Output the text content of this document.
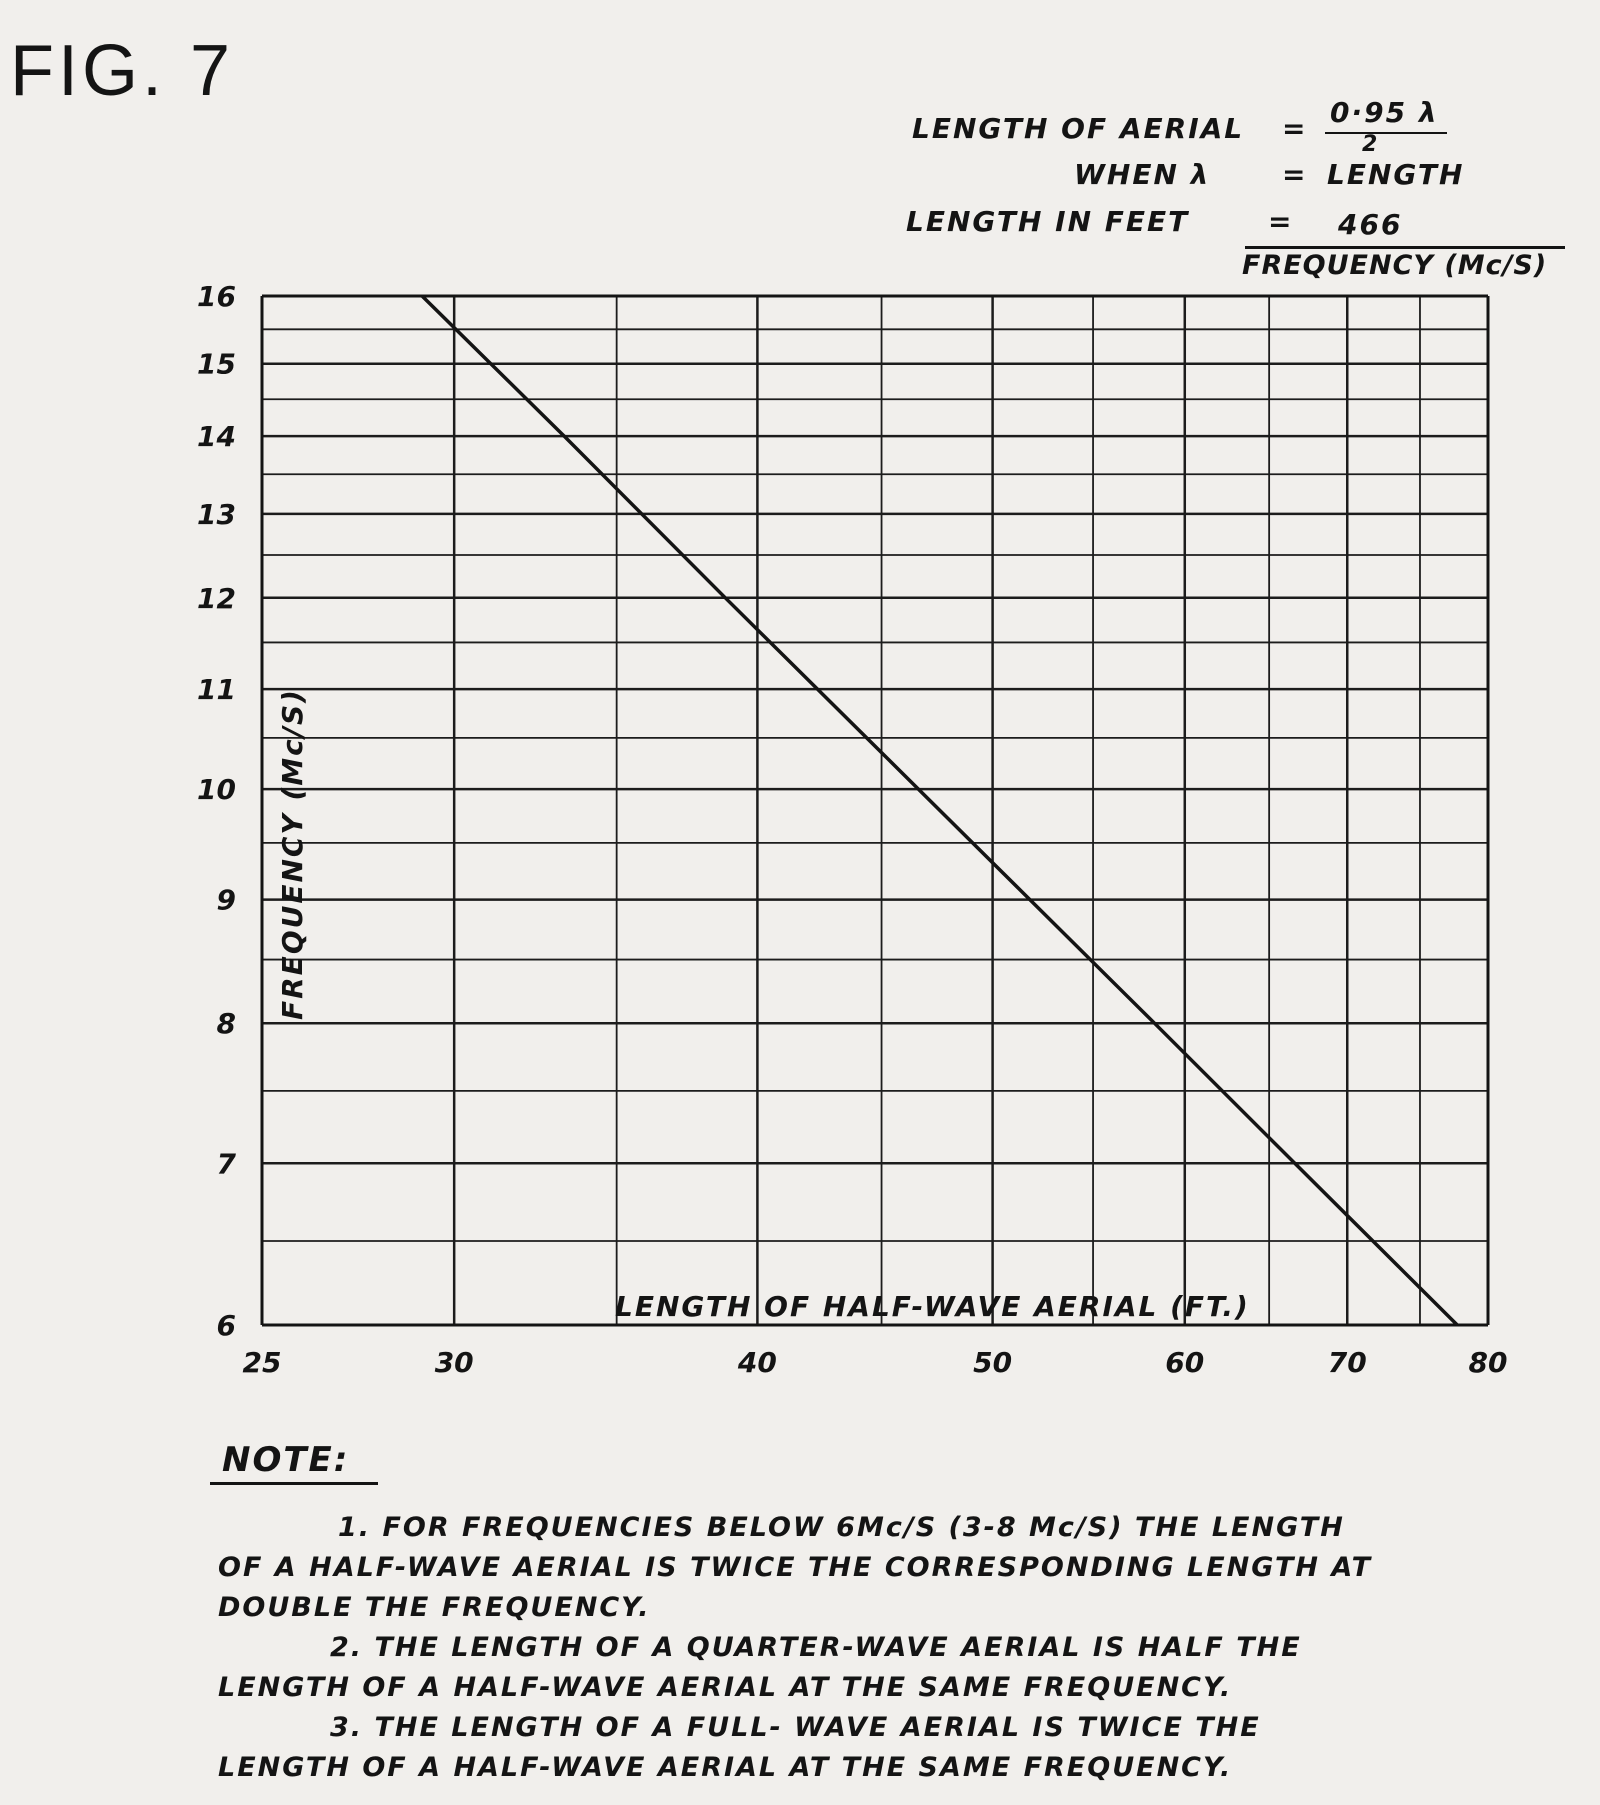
FIG. 7
LENGTH OF AERIAL = 0·95 λ
2
WHEN λ	= LENGTH
LENGTH IN FEET	= 466
FREQUENCY (Mc/S)
25	30	40	50	60	70	80
6
7
8
9
10
11
12
13
14
15
16
LENGTH OF HALF-WAVE AERIAL (FT.)
FREQUENCY (Mc/S)
NOTE:
1. FOR FREQUENCIES BELOW 6Mc/S (3-8 Mc/S) THE LENGTH
OF A HALF-WAVE AERIAL IS TWICE THE CORRESPONDING LENGTH AT
DOUBLE THE FREQUENCY.
2. THE LENGTH OF A QUARTER-WAVE AERIAL IS HALF THE
LENGTH OF A HALF-WAVE AERIAL AT THE SAME FREQUENCY.
3. THE LENGTH OF A FULL- WAVE AERIAL IS TWICE THE
LENGTH OF A HALF-WAVE AERIAL AT THE SAME FREQUENCY.
